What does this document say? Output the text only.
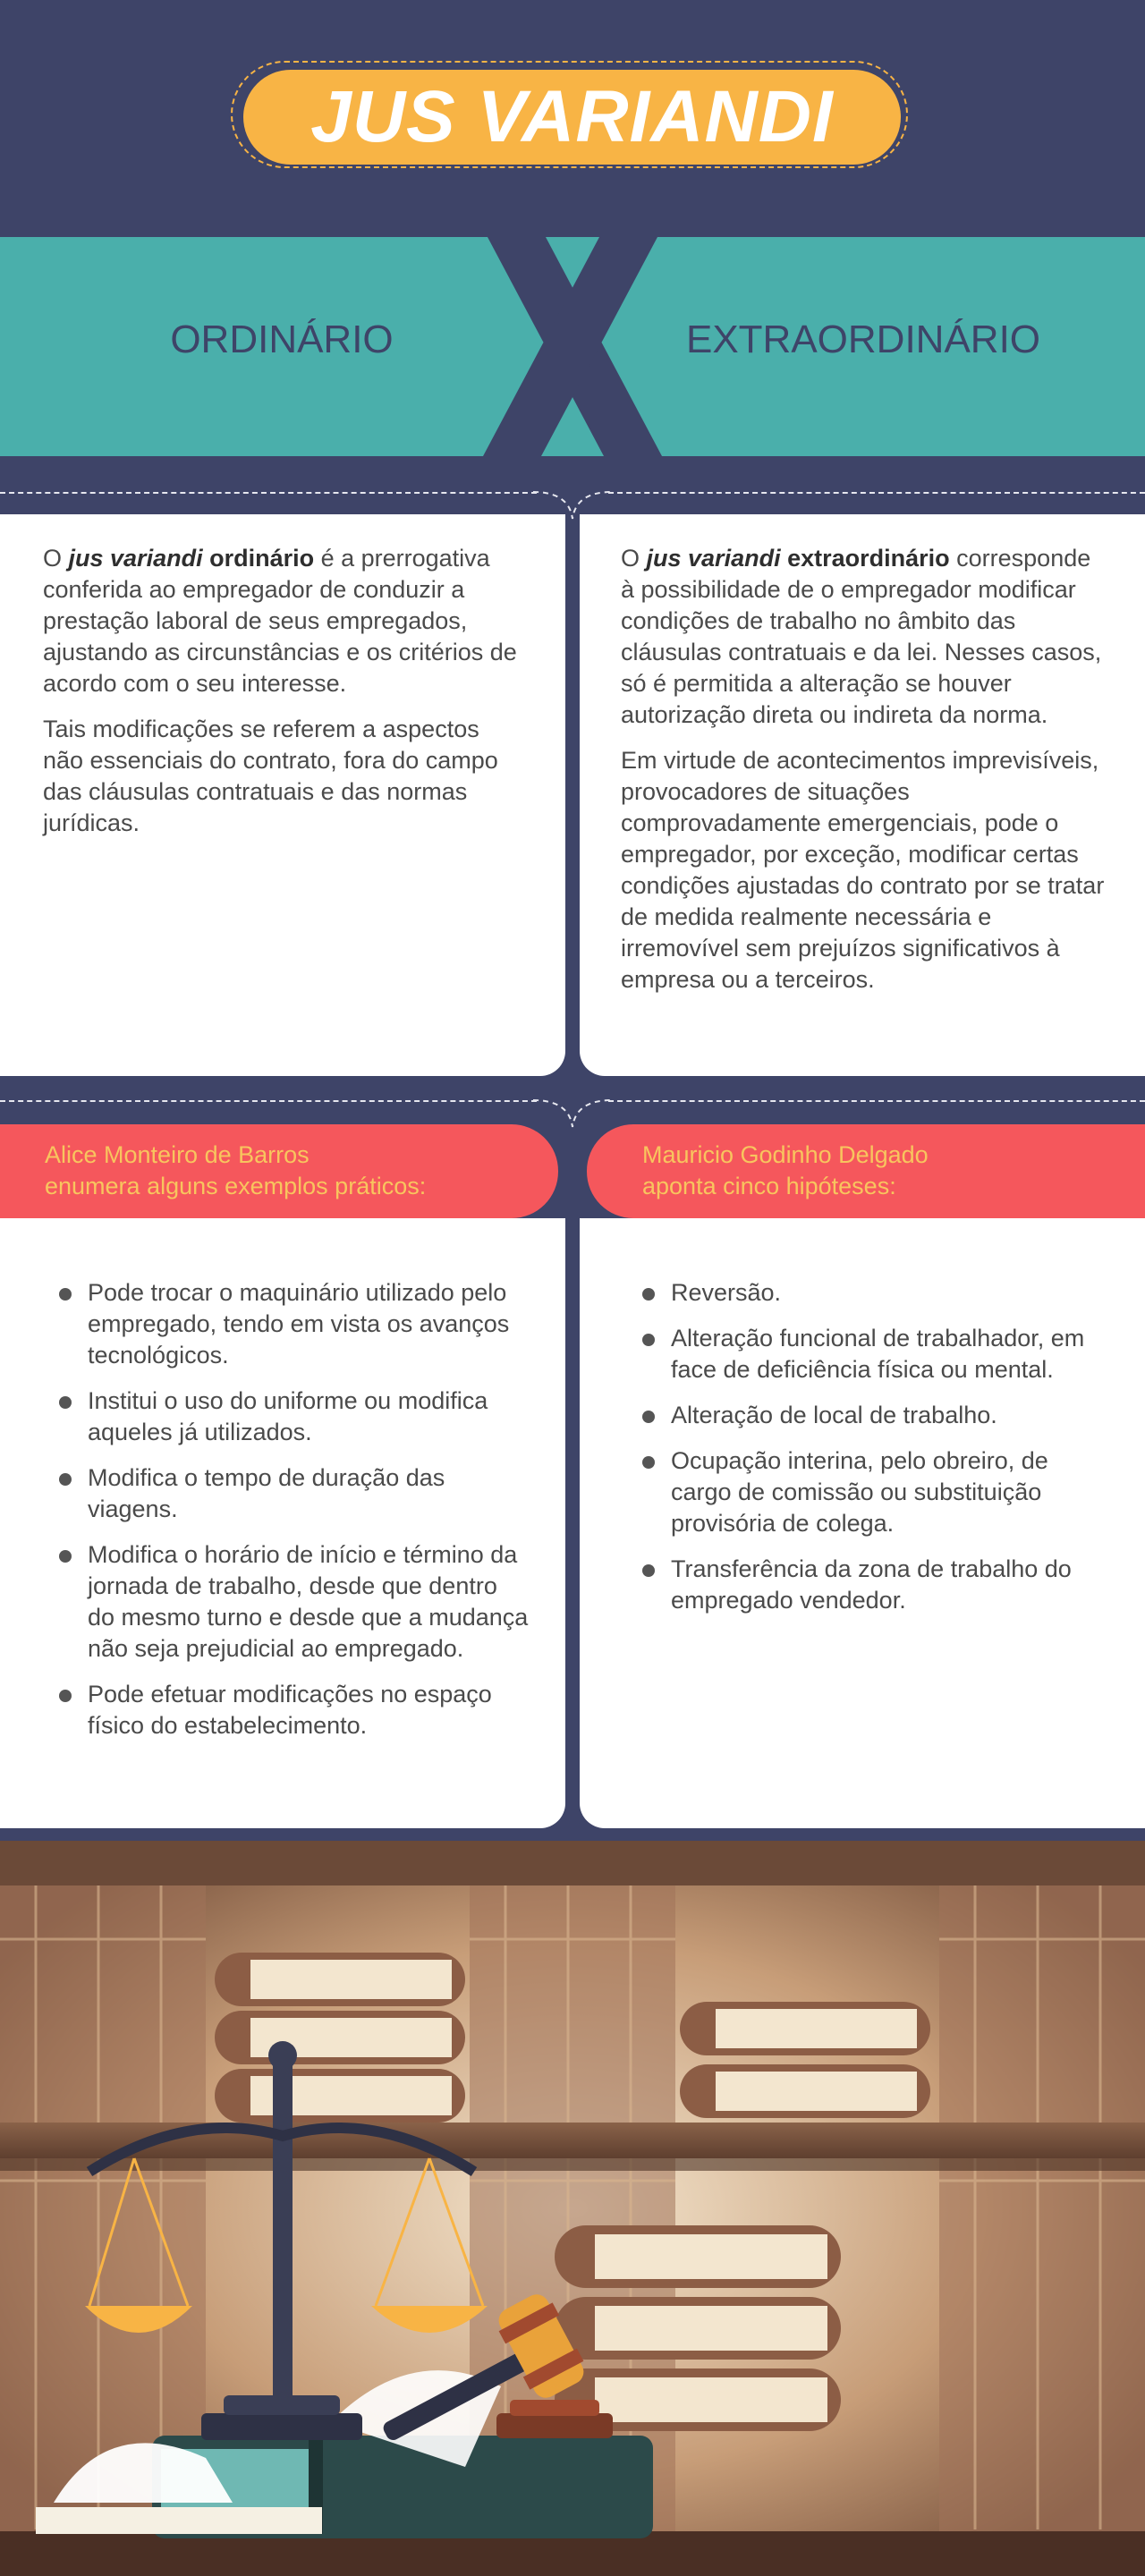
JUS VARIANDI
ORDINÁRIO	EXTRAORDINÁRIO

O jus variandi ordinário é a prerrogativa conferida ao empregador de conduzir a prestação laboral de seus empregados, ajustando as circunstâncias e os critérios de acordo com o seu interesse.

Tais modificações se referem a aspectos não essenciais do contrato, fora do campo das cláusulas contratuais e das normas jurídicas.

O jus variandi extraordinário corresponde à possibilidade de o empregador modificar condições de trabalho no âmbito das cláusulas contratuais e da lei. Nesses casos, só é permitida a alteração se houver autorização direta ou indireta da norma.

Em virtude de acontecimentos imprevisíveis, provocadores de situações comprovadamente emergenciais, pode o empregador, por exceção, modificar certas condições ajustadas do contrato por se tratar de medida realmente necessária e irremovível sem prejuízos significativos à empresa ou a terceiros.

Alice Monteiro de Barros
enumera alguns exemplos práticos:
Mauricio Godinho Delgado
aponta cinco hipóteses:
Pode trocar o maquinário utilizado pelo empregado, tendo em vista os avanços tecnológicos.
Institui o uso do uniforme ou modifica aqueles já utilizados.
Modifica o tempo de duração das viagens.
Modifica o horário de início e término da jornada de trabalho, desde que dentro do mesmo turno e desde que a mudança não seja prejudicial ao empregado.
Pode efetuar modificações no espaço físico do estabelecimento.
Reversão.
Alteração funcional de trabalhador, em face de deficiência física ou mental.
Alteração de local de trabalho.
Ocupação interina, pelo obreiro, de cargo de comissão ou substituição provisória de colega.
Transferência da zona de trabalho do empregado vendedor.
